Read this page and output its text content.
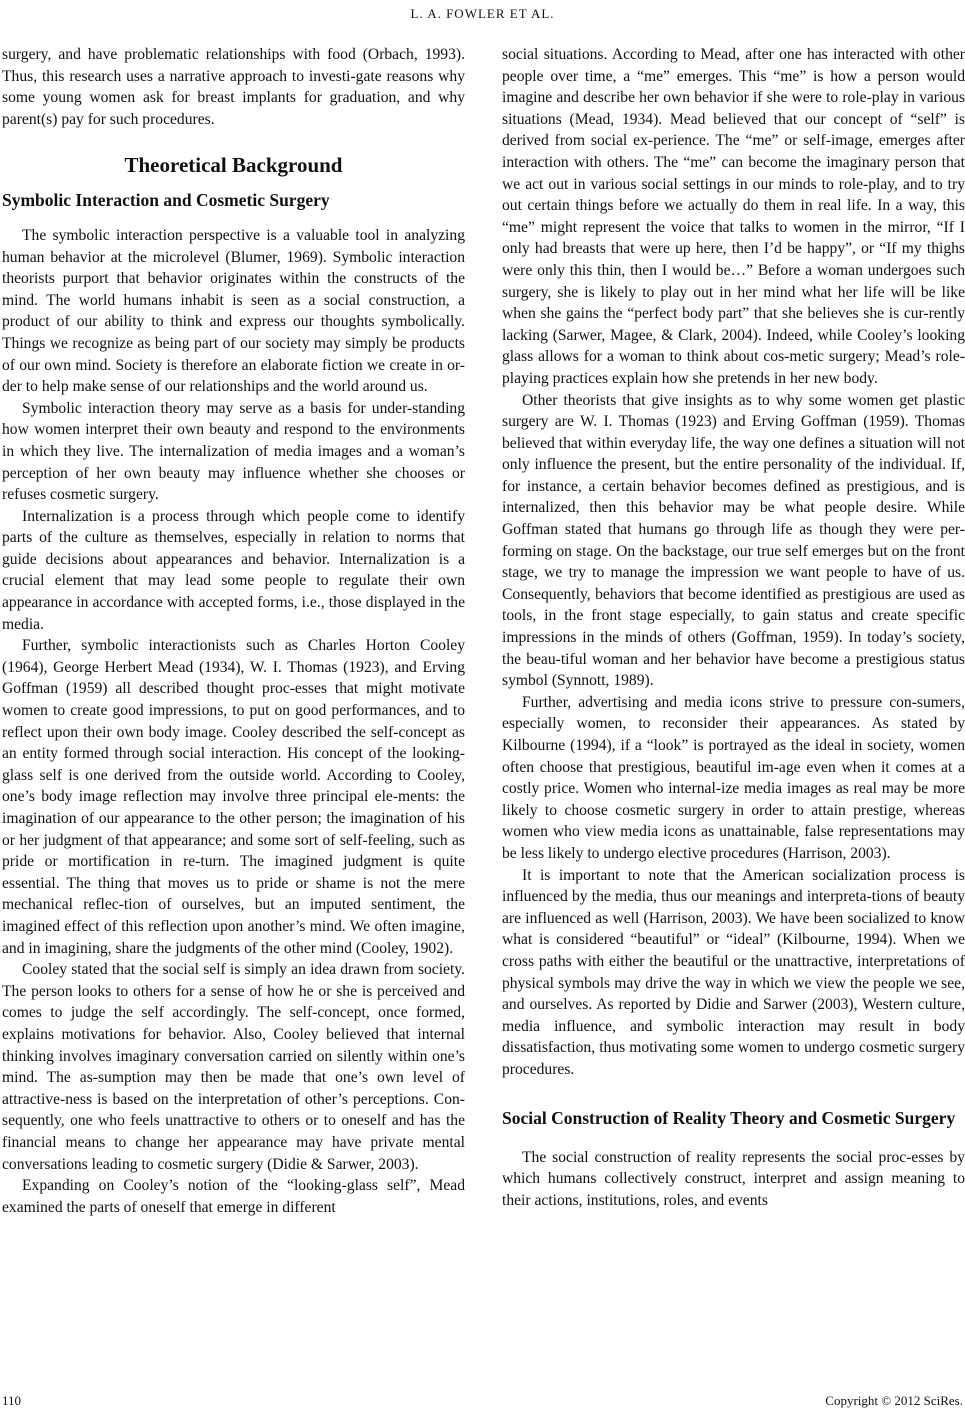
L. A. FOWLER ET AL.

surgery, and have problematic relationships with food (Orbach, 1993). Thus, this research uses a narrative approach to investi-gate reasons why some young women ask for breast implants for graduation, and why parent(s) pay for such procedures.

Theoretical Background
Symbolic Interaction and Cosmetic Surgery

The symbolic interaction perspective is a valuable tool in analyzing human behavior at the microlevel (Blumer, 1969). Symbolic interaction theorists purport that behavior originates within the constructs of the mind. The world humans inhabit is seen as a social construction, a product of our ability to think and express our thoughts symbolically. Things we recognize as being part of our society may simply be products of our own mind. Society is therefore an elaborate fiction we create in or-der to help make sense of our relationships and the world around us.

Symbolic interaction theory may serve as a basis for under-standing how women interpret their own beauty and respond to the environments in which they live. The internalization of media images and a woman’s perception of her own beauty may influence whether she chooses or refuses cosmetic surgery.

Internalization is a process through which people come to identify parts of the culture as themselves, especially in relation to norms that guide decisions about appearances and behavior. Internalization is a crucial element that may lead some people to regulate their own appearance in accordance with accepted forms, i.e., those displayed in the media.

Further, symbolic interactionists such as Charles Horton Cooley (1964), George Herbert Mead (1934), W. I. Thomas (1923), and Erving Goffman (1959) all described thought proc-esses that might motivate women to create good impressions, to put on good performances, and to reflect upon their own body image. Cooley described the self-concept as an entity formed through social interaction. His concept of the looking-glass self is one derived from the outside world. According to Cooley, one’s body image reflection may involve three principal ele-ments: the imagination of our appearance to the other person; the imagination of his or her judgment of that appearance; and some sort of self-feeling, such as pride or mortification in re-turn. The imagined judgment is quite essential. The thing that moves us to pride or shame is not the mere mechanical reflec-tion of ourselves, but an imputed sentiment, the imagined effect of this reflection upon another’s mind. We often imagine, and in imagining, share the judgments of the other mind (Cooley, 1902).

Cooley stated that the social self is simply an idea drawn from society. The person looks to others for a sense of how he or she is perceived and comes to judge the self accordingly. The self-concept, once formed, explains motivations for behavior. Also, Cooley believed that internal thinking involves imaginary conversation carried on silently within one’s mind. The as-sumption may then be made that one’s own level of attractive-ness is based on the interpretation of other’s perceptions. Con-sequently, one who feels unattractive to others or to oneself and has the financial means to change her appearance may have private mental conversations leading to cosmetic surgery (Didie & Sarwer, 2003).

Expanding on Cooley’s notion of the “looking-glass self”, Mead examined the parts of oneself that emerge in different

social situations. According to Mead, after one has interacted with other people over time, a “me” emerges. This “me” is how a person would imagine and describe her own behavior if she were to role-play in various situations (Mead, 1934). Mead believed that our concept of “self” is derived from social ex-perience. The “me” or self-image, emerges after interaction with others. The “me” can become the imaginary person that we act out in various social settings in our minds to role-play, and to try out certain things before we actually do them in real life. In a way, this “me” might represent the voice that talks to women in the mirror, “If I only had breasts that were up here, then I’d be happy”, or “If my thighs were only this thin, then I would be…” Before a woman undergoes such surgery, she is likely to play out in her mind what her life will be like when she gains the “perfect body part” that she believes she is cur-rently lacking (Sarwer, Magee, & Clark, 2004). Indeed, while Cooley’s looking glass allows for a woman to think about cos-metic surgery; Mead’s role-playing practices explain how she pretends in her new body.

Other theorists that give insights as to why some women get plastic surgery are W. I. Thomas (1923) and Erving Goffman (1959). Thomas believed that within everyday life, the way one defines a situation will not only influence the present, but the entire personality of the individual. If, for instance, a certain behavior becomes defined as prestigious, and is internalized, then this behavior may be what people desire. While Goffman stated that humans go through life as though they were per-forming on stage. On the backstage, our true self emerges but on the front stage, we try to manage the impression we want people to have of us. Consequently, behaviors that become identified as prestigious are used as tools, in the front stage especially, to gain status and create specific impressions in the minds of others (Goffman, 1959). In today’s society, the beau-tiful woman and her behavior have become a prestigious status symbol (Synnott, 1989).

Further, advertising and media icons strive to pressure con-sumers, especially women, to reconsider their appearances. As stated by Kilbourne (1994), if a “look” is portrayed as the ideal in society, women often choose that prestigious, beautiful im-age even when it comes at a costly price. Women who internal-ize media images as real may be more likely to choose cosmetic surgery in order to attain prestige, whereas women who view media icons as unattainable, false representations may be less likely to undergo elective procedures (Harrison, 2003).

It is important to note that the American socialization process is influenced by the media, thus our meanings and interpreta-tions of beauty are influenced as well (Harrison, 2003). We have been socialized to know what is considered “beautiful” or “ideal” (Kilbourne, 1994). When we cross paths with either the beautiful or the unattractive, interpretations of physical symbols may drive the way in which we view the people we see, and ourselves. As reported by Didie and Sarwer (2003), Western culture, media influence, and symbolic interaction may result in body dissatisfaction, thus motivating some women to undergo cosmetic surgery procedures.

Social Construction of Reality Theory and Cosmetic Surgery

The social construction of reality represents the social proc-esses by which humans collectively construct, interpret and assign meaning to their actions, institutions, roles, and events

110	Copyright © 2012 SciRes.
